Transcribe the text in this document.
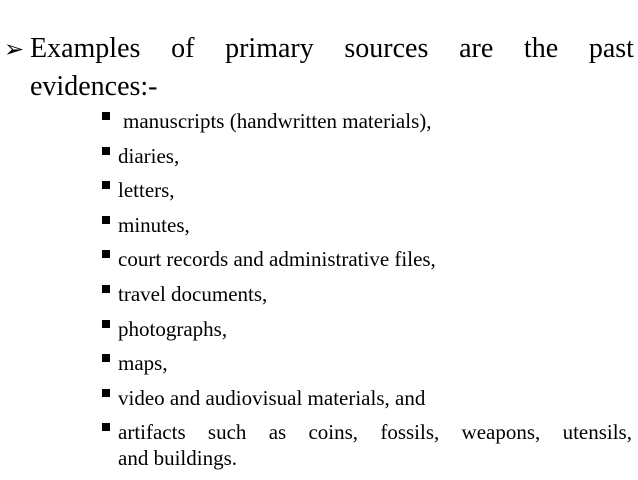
➢ Examples of primary sources are the past
evidences:-
manuscripts (handwritten materials),
diaries,
letters,
minutes,
court records and administrative files,
travel documents,
photographs,
maps,
video and audiovisual materials, and
artifacts such as coins, fossils, weapons, utensils,
and buildings.
